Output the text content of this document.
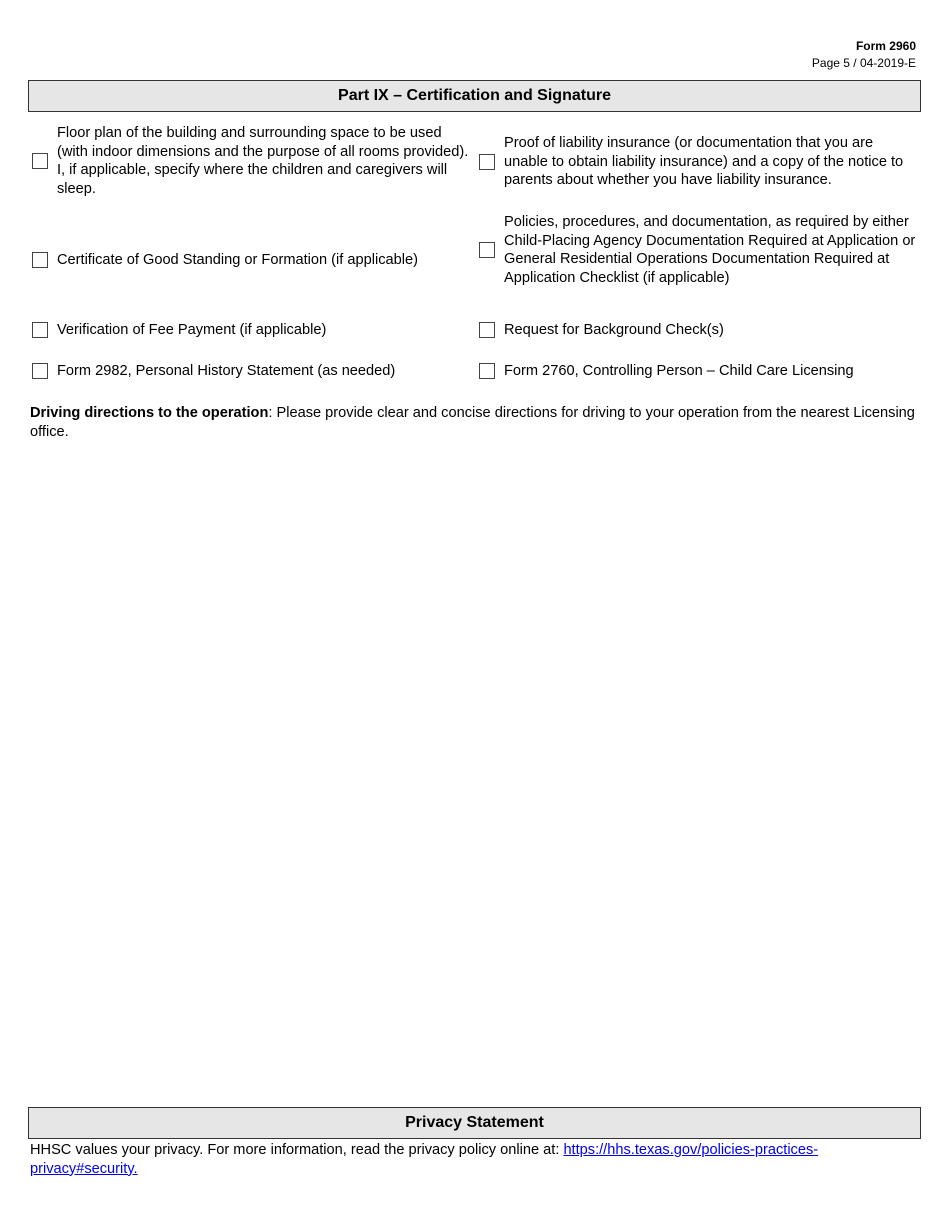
Form 2960
Page 5 / 04-2019-E
Part IX – Certification and Signature
Floor plan of the building and surrounding space to be used (with indoor dimensions and the purpose of all rooms provided). I, if applicable, specify where the children and caregivers will sleep.
Certificate of Good Standing or Formation (if applicable)
Verification of Fee Payment (if applicable)
Form 2982, Personal History Statement (as needed)
Proof of liability insurance (or documentation that you are unable to obtain liability insurance) and a copy of the notice to parents about whether you have liability insurance.
Policies, procedures, and documentation, as required by either Child-Placing Agency Documentation Required at Application or General Residential Operations Documentation Required at Application Checklist (if applicable)
Request for Background Check(s)
Form 2760, Controlling Person – Child Care Licensing
Driving directions to the operation: Please provide clear and concise directions for driving to your operation from the nearest Licensing office.
Privacy Statement
HHSC values your privacy. For more information, read the privacy policy online at: https://hhs.texas.gov/policies-practices-privacy#security.
